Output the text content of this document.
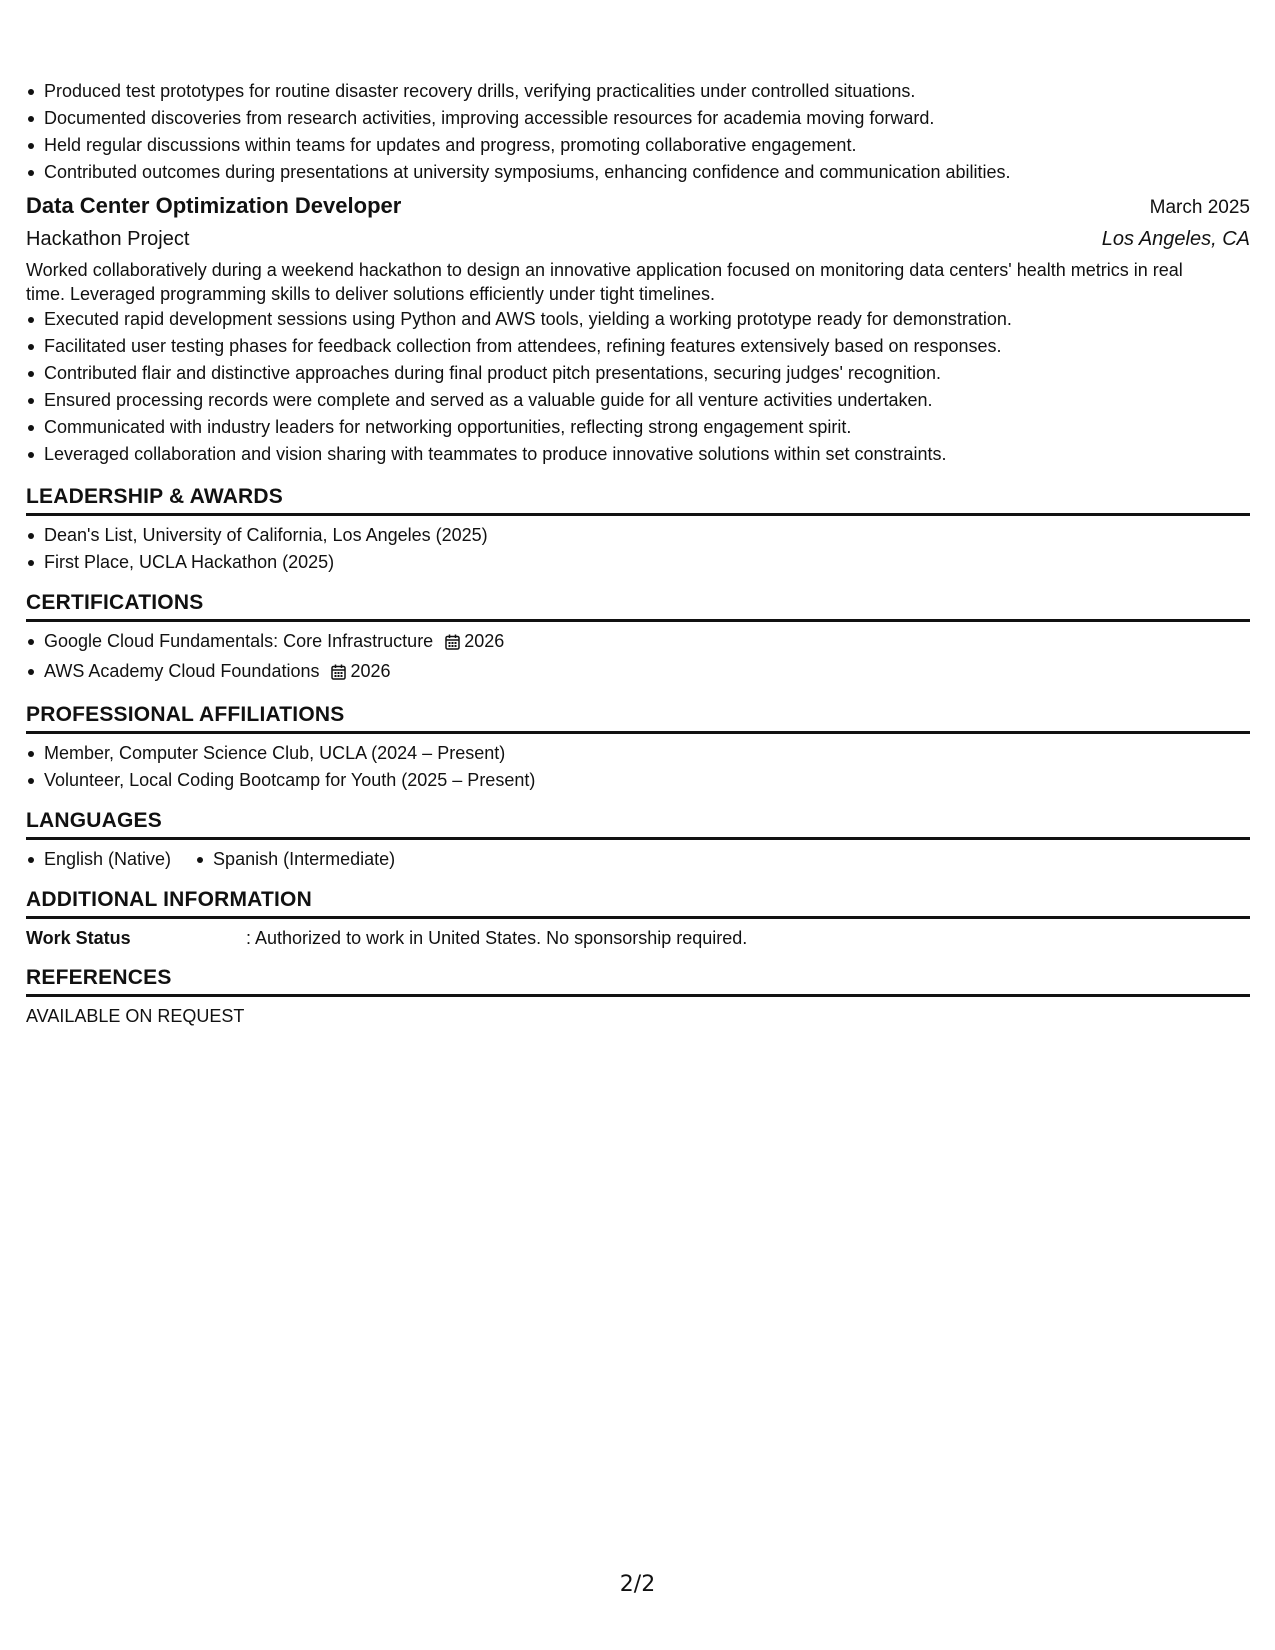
Produced test prototypes for routine disaster recovery drills, verifying practicalities under controlled situations.
Documented discoveries from research activities, improving accessible resources for academia moving forward.
Held regular discussions within teams for updates and progress, promoting collaborative engagement.
Contributed outcomes during presentations at university symposiums, enhancing confidence and communication abilities.
Data Center Optimization Developer	March 2025
Hackathon Project	Los Angeles, CA
Worked collaboratively during a weekend hackathon to design an innovative application focused on monitoring data centers' health metrics in real
time. Leveraged programming skills to deliver solutions efficiently under tight timelines.
Executed rapid development sessions using Python and AWS tools, yielding a working prototype ready for demonstration.
Facilitated user testing phases for feedback collection from attendees, refining features extensively based on responses.
Contributed flair and distinctive approaches during final product pitch presentations, securing judges' recognition.
Ensured processing records were complete and served as a valuable guide for all venture activities undertaken.
Communicated with industry leaders for networking opportunities, reflecting strong engagement spirit.
Leveraged collaboration and vision sharing with teammates to produce innovative solutions within set constraints.
LEADERSHIP & AWARDS
Dean's List, University of California, Los Angeles (2025)
First Place, UCLA Hackathon (2025)
CERTIFICATIONS
Google Cloud Fundamentals: Core Infrastructure 2026
AWS Academy Cloud Foundations 2026
PROFESSIONAL AFFILIATIONS
Member, Computer Science Club, UCLA (2024 – Present)
Volunteer, Local Coding Bootcamp for Youth (2025 – Present)
LANGUAGES
English (Native)	Spanish (Intermediate)
ADDITIONAL INFORMATION
Work Status	: Authorized to work in United States. No sponsorship required.
REFERENCES
AVAILABLE ON REQUEST
2/2
